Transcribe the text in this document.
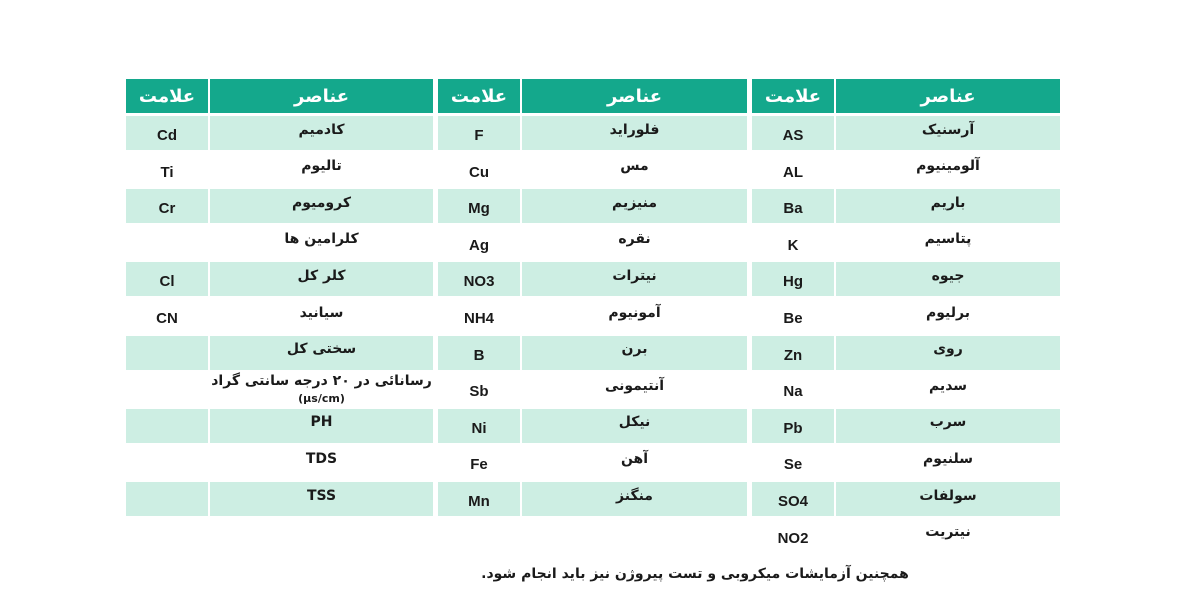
علامت	عناصر
AS	آرسنیک
AL	آلومینیوم
Ba	باریم
K	پتاسیم
Hg	جیوه
Be	برلیوم
Zn	روی
Na	سدیم
Pb	سرب
Se	سلنیوم
SO4	سولفات
NO2	نیتریت
علامت	عناصر
F	فلوراید
Cu	مس
Mg	منیزیم
Ag	نقره
NO3	نیترات
NH4	آمونیوم
B	برن
Sb	آنتیمونی
Ni	نیکل
Fe	آهن
Mn	منگنز
علامت	عناصر
Cd	کادمیم
Ti	تالیوم
Cr	کرومیوم
کلرامین ها
Cl	کلر کل
CN	سیانید
سختی کل
رسانائی در ۲۰ درجه سانتی گراد
(µs/cm)
PH
TDS
TSS
همچنین آزمایشات میکروبی و تست پیروژن نیز باید انجام شود.
